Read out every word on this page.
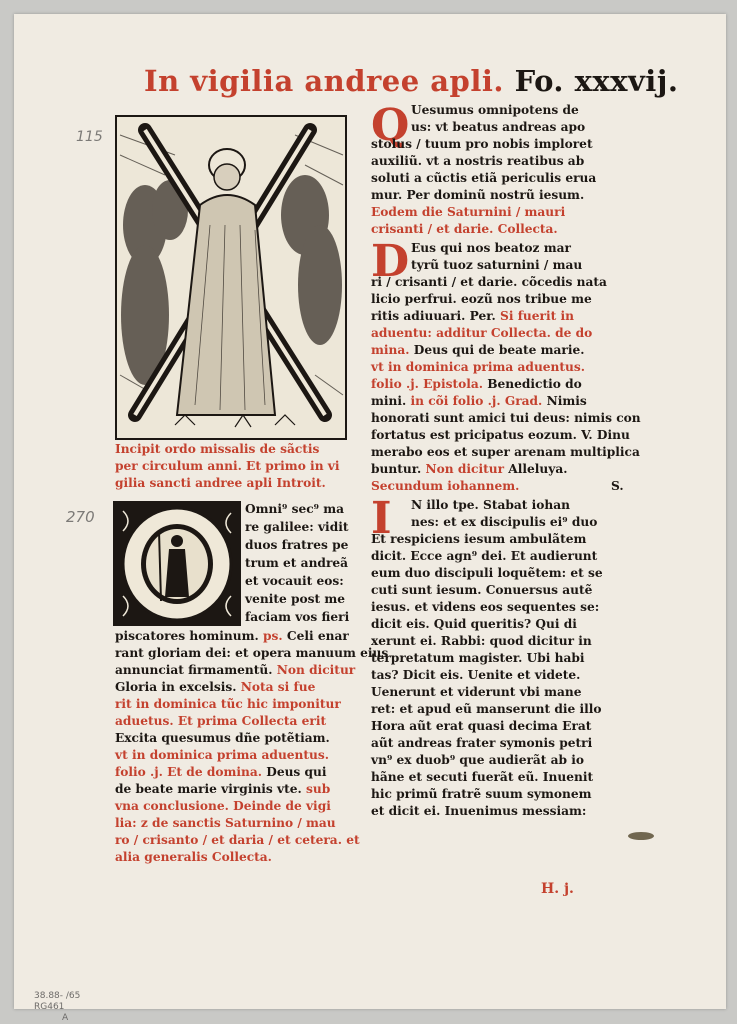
In vigilia andree apli. Fo. xxxvij.
115
270
Incipit ordo missalis de sãctis
per circulum anni. Et primo in vi
gilia sancti andree apli Introit.
Omni⁹ sec⁹ ma
re galilee: vidit
duos fratres pe
trum et andreã
et vocauit eos:
venite post me
faciam vos fieri
piscatores hominum. ps. Celi enar
rant gloriam dei: et opera manuum eius
annunciat firmamentũ. Non dicitur
Gloria in excelsis. Nota si fue
rit in dominica tũc hic imponitur
aduetus. Et prima Collecta erit
Excita quesumus dñe potẽtiam.
vt in dominica prima aduentus.
folio .j. Et de domina. Deus qui
de beate marie virginis vte. sub
vna conclusione. Deinde de vigi
lia: z de sanctis Saturnino / mau
ro / crisanto / et daria / et cetera. et
alia generalis Collecta.
Q Uesumus omnipotens de
us: vt beatus andreas apo
stolus / tuum pro nobis imploret
auxiliũ. vt a nostris reatibus ab
soluti a cũctis etiã periculis erua
mur. Per dominũ nostrũ iesum.
Eodem die Saturnini / mauri
crisanti / et darie. Collecta.
D Eus qui nos beatoz mar
tyrũ tuoz saturnini / mau
ri / crisanti / et darie. cõcedis nata
licio perfrui. eozũ nos tribue me
ritis adiuuari. Per. Si fuerit in
aduentu: additur Collecta. de do
mina. Deus qui de beate marie.
vt in dominica prima aduentus.
folio .j. Epistola. Benedictio do
mini. in cõi folio .j. Grad. Nimis
honorati sunt amici tui deus: nimis con
fortatus est pricipatus eozum. V. Dinu
merabo eos et super arenam multiplica
buntur. Non dicitur Alleluya.
Secundum iohannem.	S.
I N illo tpe. Stabat iohan
nes: et ex discipulis ei⁹ duo
Et respiciens iesum ambulãtem
dicit. Ecce agn⁹ dei. Et audierunt
eum duo discipuli loquẽtem: et se
cuti sunt iesum. Conuersus autẽ
iesus. et videns eos sequentes se:
dicit eis. Quid queritis? Qui di
xerunt ei. Rabbi: quod dicitur in
terpretatum magister. Ubi habi
tas? Dicit eis. Uenite et videte.
Uenerunt et viderunt vbi mane
ret: et apud eũ manserunt die illo
Hora aũt erat quasi decima Erat
aũt andreas frater symonis petri
vn⁹ ex duob⁹ que audierãt ab io
hãne et secuti fuerãt eũ. Inuenit
hic primũ fratrẽ suum symonem
et dicit ei. Inuenimus messiam:
H. j.
38.88- /65
RG461
A
